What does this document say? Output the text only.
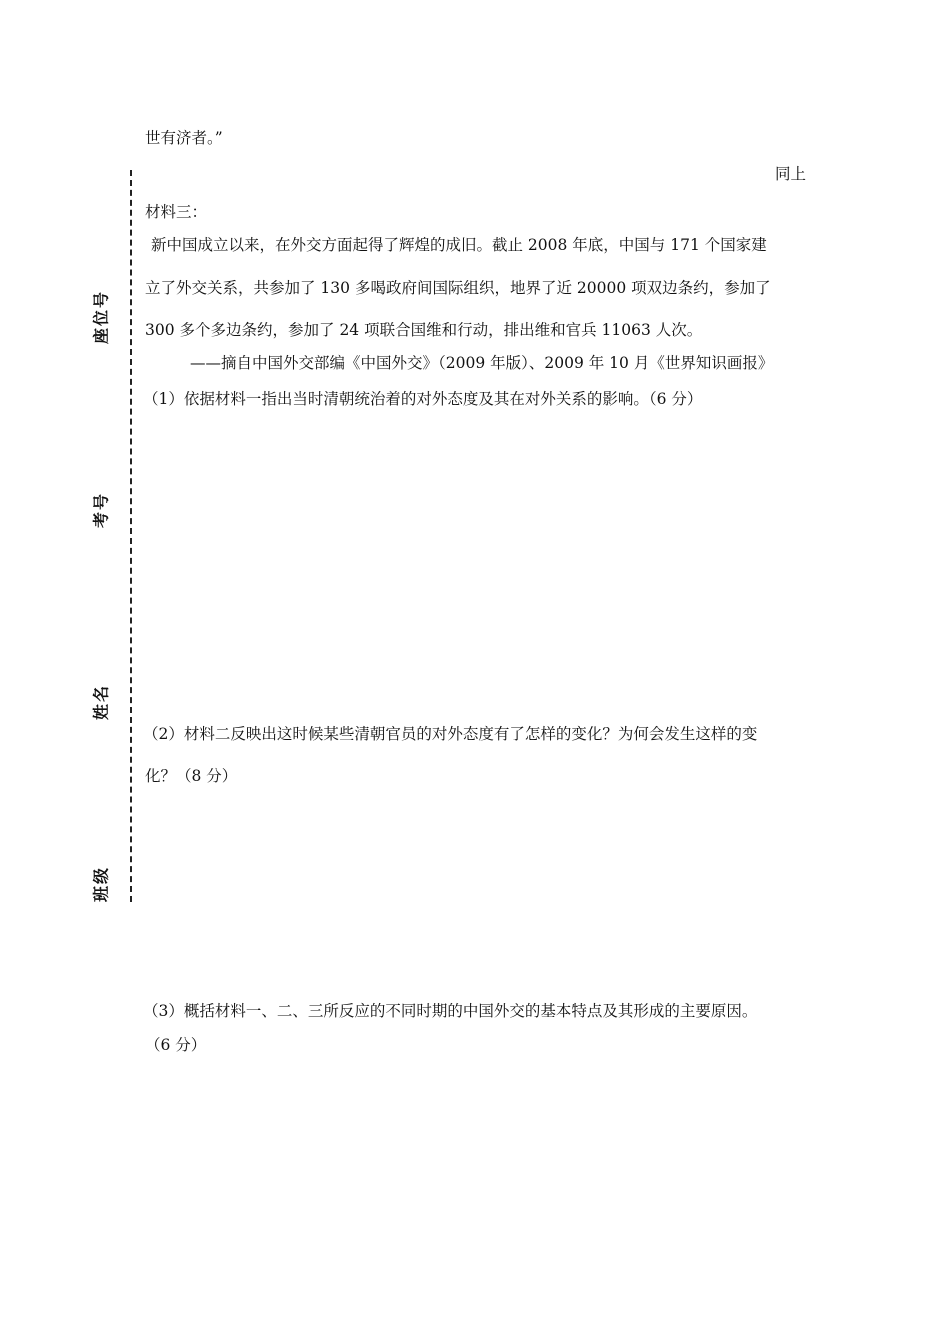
座位号
考号
姓名
班级
世有济者。”
同上
材料三：
新中国成立以来，在外交方面起得了辉煌的成旧。截止 2008 年底，中国与 171 个国家建
立了外交关系，共参加了 130 多喝政府间国际组织，地界了近 20000 项双边条约，参加了
300 多个多边条约，参加了 24 项联合国维和行动，排出维和官兵 11063 人次。
——摘自中国外交部编《中国外交》（2009 年版）、2009 年 10 月《世界知识画报》
（1）依据材料一指出当时清朝统治着的对外态度及其在对外关系的影响。（6 分）
（2）材料二反映出这时候某些清朝官员的对外态度有了怎样的变化？为何会发生这样的变
化？（8 分）
（3）概括材料一、二、三所反应的不同时期的中国外交的基本特点及其形成的主要原因。
（6 分）
